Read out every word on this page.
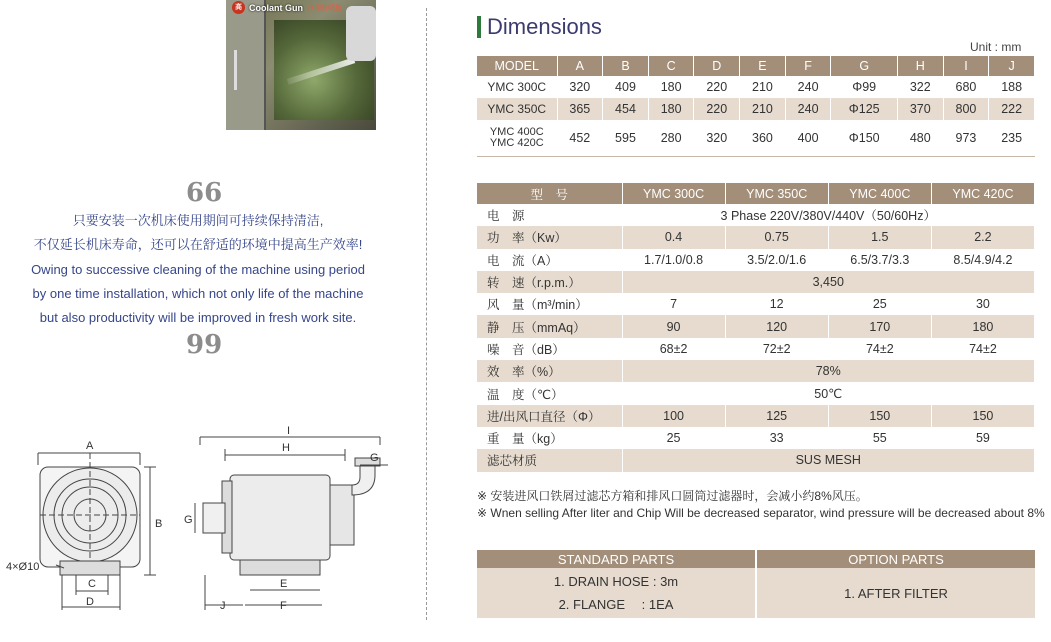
高 Coolant Gun 冷却液喷枪
66
只要安装一次机床使用期间可持续保持清洁,
不仅延长机床寿命，还可以在舒适的环境中提高生产效率!
Owing to successive cleaning of the machine using period
by one time installation, which not only life of the machine
but also productivity will be improved in fresh work site.
99
A
B
C
D
4×Ø10
I
H
G
G
E
F
J
Dimensions
Unit : mm
MODEL	A	B	C	D	E	F	G	H	I	J
YMC 300C	320	409	180	220	210	240	Φ99	322	680	188
YMC 350C	365	454	180	220	210	240	Φ125	370	800	222
YMC 400C
YMC 420C	452	595	280	320	360	400	Φ150	480	973	235
型　号	YMC 300C	YMC 350C	YMC 400C	YMC 420C
电　源	3 Phase 220V/380V/440V（50/60Hz）			
功　率（Kw）	0.4	0.75	1.5	2.2
电　流（A）	1.7/1.0/0.8	3.5/2.0/1.6	6.5/3.7/3.3	8.5/4.9/4.2
转　速（r.p.m.）	3,450			
风　量（m³/min）	7	12	25	30
静　压（mmAq）	90	120	170	180
噪　音（dB）	68±2	72±2	74±2	74±2
效　率（%）	78%			
温　度（℃）	50℃			
进/出风口直径（Φ）	100	125	150	150
重　量（kg）	25	33	55	59
滤芯材质	SUS MESH			
※ 安装进风口铁屑过滤芯方箱和排风口圆筒过滤器时，会减小约8%风压。
※ Wnen selling After liter and Chip Will be decreased separator, wind pressure will be decreased about 8%
STANDARD PARTS	OPTION PARTS

1. DRAIN HOSE : 3m
2. FLANGE　 : 1EA	1. AFTER FILTER
